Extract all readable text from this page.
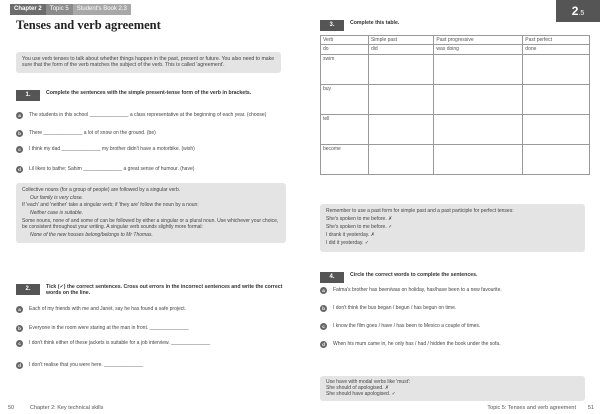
Chapter 2	Topic 5	Student's Book 2.3
Tenses and verb agreement
You use verb tenses to talk about whether things happen in the past, present or future. You also need to make sure that the form of the verb matches the subject of the verb. This is called 'agreement'.
1.	Complete the sentences with the simple present-tense form of the verb in brackets.
a	The students in this school ______________ a class representative at the beginning of each year. (choose)
b	There ______________ a lot of snow on the ground. (be)
c	I think my dad ______________ my brother didn't have a motorbike. (wish)
d	Lil likes to bathe; Sahim ______________ a great sense of humour. (have)

Collective nouns (for a group of people) are followed by a singular verb.

Our family is very close.

If 'each' and 'neither' take a singular verb; if 'they are' follow the noun by a noun:

Neither case is suitable.

Some nouns, none of and some of can be followed by either a singular or a plural noun. Use whichever your choice, be consistent throughout your writing. A singular verb sounds slightly more formal:

None of the new houses belong/belongs to Mr Thomas.

2.	Tick (✓) the correct sentences. Cross out errors in the incorrect sentences and write the correct words on the line.
a	Each of my friends with me and Janet, say he has found a safe project.
b	Everyone in the room were staring at the man in front. ______________
c	I don't think either of these jackets is suitable for a job interview. ______________
d	I don't realise that you were here. ______________
50	Chapter 2: Key technical skills
2.5
3.	Complete this table.
Verb	Simple past	Past progressive	Past perfect
do	did	was doing	done
swim			
buy			
tell			
become			

Remember to use a past form for simple past and a past participle for perfect tenses:

She's spoken to me before. ✗

She's spoken to me before. ✓

I drank it yesterday. ✗

I did it yesterday. ✓

4.	Circle the correct words to complete the sentences.
a	Fatma's brother has been/was on holiday, has/have been to a new favourite.
b	I don't think the bus began / begun / has begun on time.
c	I know the film goes / have / has been to Mexico a couple of times.
d	When his mum came in, he only has / had / hidden the book under the sofa.

Use have with modal verbs like 'must':

She should of apologised. ✗

She should have apologised. ✓

Topic 5: Tenses and verb agreement 51
